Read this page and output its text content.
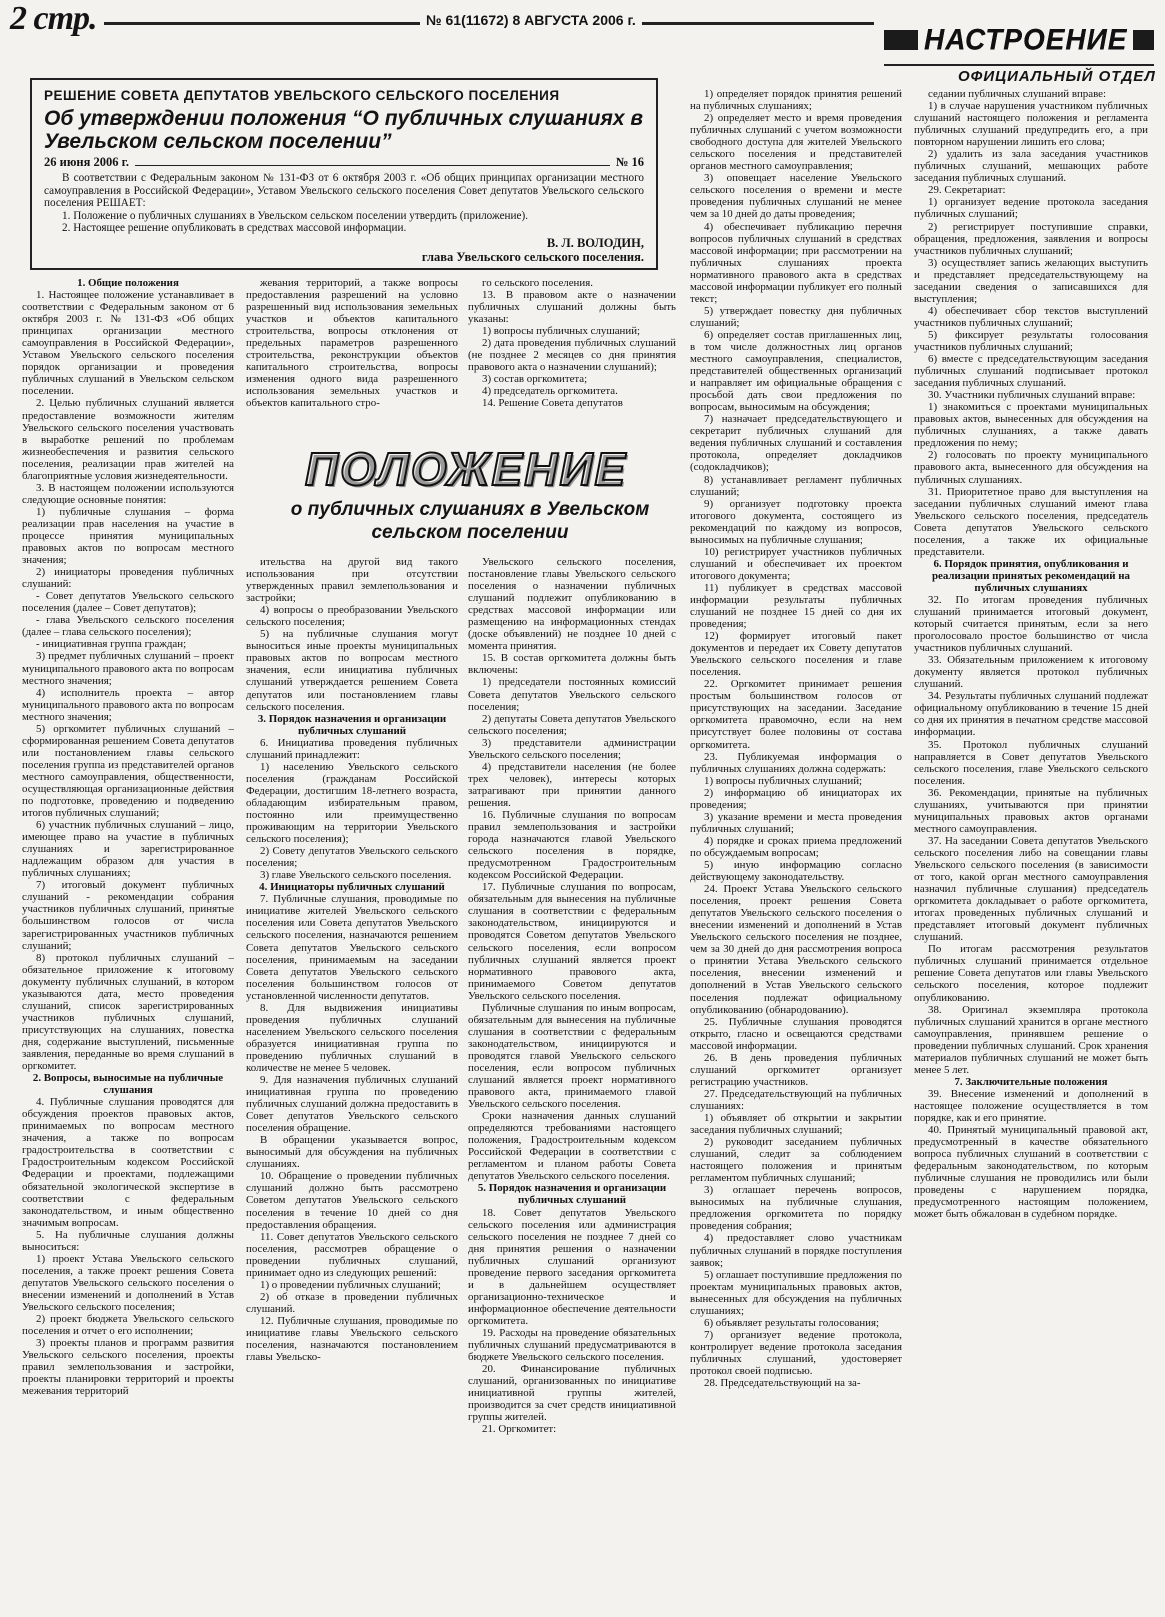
2 стр.	№ 61(11672) 8 АВГУСТА 2006 г.
НАСТРОЕНИЕ
ОФИЦИАЛЬНЫЙ ОТДЕЛ
РЕШЕНИЕ СОВЕТА ДЕПУТАТОВ УВЕЛЬСКОГО СЕЛЬСКОГО ПОСЕЛЕНИЯ
Об утверждении положения “О публичных слушаниях в Увельском сельском поселении”
26 июня 2006 г.	№ 16

В соответствии с Федеральным законом № 131-ФЗ от 6 октября 2003 г. «Об общих принципах организации местного самоуправления в Российской Федерации», Уставом Увельского сельского поселения Совет депутатов Увельского сельского поселения РЕШАЕТ:

1. Положение о публичных слушаниях в Увельском сельском поселении утвердить (приложение).

2. Настоящее решение опубликовать в средствах массовой информации.

В. Л. ВОЛОДИН,
глава Увельского сельского поселения.

1. Общие положения

1. Настоящее положение устанавливает в соответствии с Федеральным законом от 6 октября 2003 г. № 131-ФЗ «Об общих принципах организации местного самоуправления в Российской Федерации», Уставом Увельского сельского поселения порядок организации и проведения публичных слушаний в Увельском сельском поселении.

2. Целью публичных слушаний является предоставление возможности жителям Увельского сельского поселения участвовать в выработке решений по проблемам жизнеобеспечения и развития сельского поселения, реализации прав жителей на благоприятные условия жизнедеятельности.

3. В настоящем положении используются следующие основные понятия:

1) публичные слушания – форма реализации прав населения на участие в процессе принятия муниципальных правовых актов по вопросам местного значения;

2) инициаторы проведения публичных слушаний:

- Совет депутатов Увельского сельского поселения (далее – Совет депутатов);

- глава Увельского сельского поселения (далее – глава сельского поселения);

- инициативная группа граждан;

3) предмет публичных слушаний – проект муниципального правового акта по вопросам местного значения;

4) исполнитель проекта – автор муниципального правового акта по вопросам местного значения;

5) оргкомитет публичных слушаний – сформированная решением Совета депутатов или постановлением главы сельского поселения группа из представителей органов местного самоуправления, общественности, осуществляющая организационные действия по подготовке, проведению и подведению итогов публичных слушаний;

6) участник публичных слушаний – лицо, имеющее право на участие в публичных слушаниях и зарегистрированное надлежащим образом для участия в публичных слушаниях;

7) итоговый документ публичных слушаний - рекомендации собрания участников публичных слушаний, принятые большинством голосов от числа зарегистрированных участников публичных слушаний;

8) протокол публичных слушаний – обязательное приложение к итоговому документу публичных слушаний, в котором указываются дата, место проведения слушаний, список зарегистрированных участников публичных слушаний, присутствующих на слушаниях, повестка дня, содержание выступлений, письменные заявления, переданные во время слушаний в оргкомитет.

2. Вопросы, выносимые на публичные слушания

4. Публичные слушания проводятся для обсуждения проектов правовых актов, принимаемых по вопросам местного значения, а также по вопросам градостроительства в соответствии с Градостроительным кодексом Российской Федерации и проектами, подлежащими обязательной экологической экспертизе в соответствии с федеральным законодательством, и иным общественно значимым вопросам.

5. На публичные слушания должны выноситься:

1) проект Устава Увельского сельского поселения, а также проект решения Совета депутатов Увельского сельского поселения о внесении изменений и дополнений в Устав Увельского сельского поселения;

2) проект бюджета Увельского сельского поселения и отчет о его исполнении;

3) проекты планов и программ развития Увельского сельского поселения, проекты правил землепользования и застройки, проекты планировки территорий и проекты межевания территорий

жевания территорий, а также вопросы предоставления разрешений на условно разрешенный вид использования земельных участков и объектов капитального строительства, вопросы отклонения от предельных параметров разрешенного строительства, реконструкции объектов капитального строительства, вопросы изменения одного вида разрешенного использования земельных участков и объектов капитального стро-

го сельского поселения.

13. В правовом акте о назначении публичных слушаний должны быть указаны:

1) вопросы публичных слушаний;

2) дата проведения публичных слушаний (не позднее 2 месяцев со дня принятия правового акта о назначении слушаний);

3) состав оргкомитета;

4) председатель оргкомитета.

14. Решение Совета депутатов

ПОЛОЖЕНИЕ
о публичных слушаниях в Увельском сельском поселении

ительства на другой вид такого использования при отсутствии утвержденных правил землепользования и застройки;

4) вопросы о преобразовании Увельского сельского поселения;

5) на публичные слушания могут выноситься иные проекты муниципальных правовых актов по вопросам местного значения, если инициатива публичных слушаний утверждается решением Совета депутатов или постановлением главы сельского поселения.

3. Порядок назначения и организации публичных слушаний

6. Инициатива проведения публичных слушаний принадлежит:

1) населению Увельского сельского поселения (гражданам Российской Федерации, достигшим 18-летнего возраста, обладающим избирательным правом, постоянно или преимущественно проживающим на территории Увельского сельского поселения);

2) Совету депутатов Увельского сельского поселения;

3) главе Увельского сельского поселения.

4. Инициаторы публичных слушаний

7. Публичные слушания, проводимые по инициативе жителей Увельского сельского поселения или Совета депутатов Увельского сельского поселения, назначаются решением Совета депутатов Увельского сельского поселения, принимаемым на заседании Совета депутатов Увельского сельского поселения большинством голосов от установленной численности депутатов.

8. Для выдвижения инициативы проведения публичных слушаний населением Увельского сельского поселения образуется инициативная группа по проведению публичных слушаний в количестве не менее 5 человек.

9. Для назначения публичных слушаний инициативная группа по проведению публичных слушаний должна предоставить в Совет депутатов Увельского сельского поселения обращение.

В обращении указывается вопрос, выносимый для обсуждения на публичных слушаниях.

10. Обращение о проведении публичных слушаний должно быть рассмотрено Советом депутатов Увельского сельского поселения в течение 10 дней со дня предоставления обращения.

11. Совет депутатов Увельского сельского поселения, рассмотрев обращение о проведении публичных слушаний, принимает одно из следующих решений:

1) о проведении публичных слушаний;

2) об отказе в проведении публичных слушаний.

12. Публичные слушания, проводимые по инициативе главы Увельского сельского поселения, назначаются постановлением главы Увельско-

Увельского сельского поселения, постановление главы Увельского сельского поселения о назначении публичных слушаний подлежит опубликованию в средствах массовой информации или размещению на информационных стендах (доске объявлений) не позднее 10 дней с момента принятия.

15. В состав оргкомитета должны быть включены:

1) председатели постоянных комиссий Совета депутатов Увельского сельского поселения;

2) депутаты Совета депутатов Увельского сельского поселения;

3) представители администрации Увельского сельского поселения;

4) представители населения (не более трех человек), интересы которых затрагивают при принятии данного решения.

16. Публичные слушания по вопросам правил землепользования и застройки города назначаются главой Увельского сельского поселения в порядке, предусмотренном Градостроительным кодексом Российской Федерации.

17. Публичные слушания по вопросам, обязательным для вынесения на публичные слушания в соответствии с федеральным законодательством, инициируются и проводятся Советом депутатов Увельского сельского поселения, если вопросом публичных слушаний является проект нормативного правового акта, принимаемого Советом депутатов Увельского сельского поселения.

Публичные слушания по иным вопросам, обязательным для вынесения на публичные слушания в соответствии с федеральным законодательством, инициируются и проводятся главой Увельского сельского поселения, если вопросом публичных слушаний является проект нормативного правового акта, принимаемого главой Увельского сельского поселения.

Сроки назначения данных слушаний определяются требованиями настоящего положения, Градостроительным кодексом Российской Федерации в соответствии с регламентом и планом работы Совета депутатов Увельского сельского поселения.

5. Порядок назначения и организации публичных слушаний

18. Совет депутатов Увельского сельского поселения или администрация сельского поселения не позднее 7 дней со дня принятия решения о назначении публичных слушаний организуют проведение первого заседания оргкомитета и в дальнейшем осуществляет организационно-техническое и информационное обеспечение деятельности оргкомитета.

19. Расходы на проведение обязательных публичных слушаний предусматриваются в бюджете Увельского сельского поселения.

20. Финансирование публичных слушаний, организованных по инициативе инициативной группы жителей, производится за счет средств инициативной группы жителей.

21. Оргкомитет:

1) определяет порядок принятия решений на публичных слушаниях;

2) определяет место и время проведения публичных слушаний с учетом возможности свободного доступа для жителей Увельского сельского поселения и представителей органов местного самоуправления;

3) оповещает население Увельского сельского поселения о времени и месте проведения публичных слушаний не менее чем за 10 дней до даты проведения;

4) обеспечивает публикацию перечня вопросов публичных слушаний в средствах массовой информации; при рассмотрении на публичных слушаниях проекта нормативного правового акта в средствах массовой информации публикует его полный текст;

5) утверждает повестку дня публичных слушаний;

6) определяет состав приглашенных лиц, в том числе должностных лиц органов местного самоуправления, специалистов, представителей общественных организаций и направляет им официальные обращения с просьбой дать свои предложения по вопросам, выносимым на обсуждения;

7) назначает председательствующего и секретарит публичных слушаний для ведения публичных слушаний и составления протокола, определяет докладчиков (содокладчиков);

8) устанавливает регламент публичных слушаний;

9) организует подготовку проекта итогового документа, состоящего из рекомендаций по каждому из вопросов, выносимых на публичные слушания;

10) регистрирует участников публичных слушаний и обеспечивает их проектом итогового документа;

11) публикует в средствах массовой информации результаты публичных слушаний не позднее 15 дней со дня их проведения;

12) формирует итоговый пакет документов и передает их Совету депутатов Увельского сельского поселения и главе поселения.

22. Оргкомитет принимает решения простым большинством голосов от присутствующих на заседании. Заседание оргкомитета правомочно, если на нем присутствует более половины от состава оргкомитета.

23. Публикуемая информация о публичных слушаниях должна содержать:

1) вопросы публичных слушаний;

2) информацию об инициаторах их проведения;

3) указание времени и места проведения публичных слушаний;

4) порядке и сроках приема предложений по обсуждаемым вопросам;

5) иную информацию согласно действующему законодательству.

24. Проект Устава Увельского сельского поселения, проект решения Совета депутатов Увельского сельского поселения о внесении изменений и дополнений в Устав Увельского сельского поселения не позднее, чем за 30 дней до дня рассмотрения вопроса о принятии Устава Увельского сельского поселения, внесении изменений и дополнений в Устав Увельского сельского поселения подлежат официальному опубликованию (обнародованию).

25. Публичные слушания проводятся открыто, гласно и освещаются средствами массовой информации.

26. В день проведения публичных слушаний оргкомитет организует регистрацию участников.

27. Председательствующий на публичных слушаниях:

1) объявляет об открытии и закрытии заседания публичных слушаний;

2) руководит заседанием публичных слушаний, следит за соблюдением настоящего положения и принятым регламентом публичных слушаний;

3) оглашает перечень вопросов, выносимых на публичные слушания, предложения оргкомитета по порядку проведения собрания;

4) предоставляет слово участникам публичных слушаний в порядке поступления заявок;

5) оглашает поступившие предложения по проектам муниципальных правовых актов, вынесенных для обсуждения на публичных слушаниях;

6) объявляет результаты голосования;

7) организует ведение протокола, контролирует ведение протокола заседания публичных слушаний, удостоверяет протокол своей подписью.

28. Председательствующий на за-

седании публичных слушаний вправе:

1) в случае нарушения участником публичных слушаний настоящего положения и регламента публичных слушаний предупредить его, а при повторном нарушении лишить его слова;

2) удалить из зала заседания участников публичных слушаний, мешающих работе заседания публичных слушаний.

29. Секретариат:

1) организует ведение протокола заседания публичных слушаний;

2) регистрирует поступившие справки, обращения, предложения, заявления и вопросы участников публичных слушаний;

3) осуществляет запись желающих выступить и представляет председательствующему на заседании сведения о записавшихся для выступления;

4) обеспечивает сбор текстов выступлений участников публичных слушаний;

5) фиксирует результаты голосования участников публичных слушаний;

6) вместе с председательствующим заседания публичных слушаний подписывает протокол заседания публичных слушаний.

30. Участники публичных слушаний вправе:

1) знакомиться с проектами муниципальных правовых актов, вынесенных для обсуждения на публичных слушаниях, а также давать предложения по нему;

2) голосовать по проекту муниципального правового акта, вынесенного для обсуждения на публичных слушаниях.

31. Приоритетное право для выступления на заседании публичных слушаний имеют глава Увельского сельского поселения, председатель Совета депутатов Увельского сельского поселения, а также их официальные представители.

6. Порядок принятия, опубликования и реализации принятых рекомендаций на публичных слушаниях

32. По итогам проведения публичных слушаний принимается итоговый документ, который считается принятым, если за него проголосовало простое большинство от числа участников публичных слушаний.

33. Обязательным приложением к итоговому документу является протокол публичных слушаний.

34. Результаты публичных слушаний подлежат официальному опубликованию в течение 15 дней со дня их принятия в печатном средстве массовой информации.

35. Протокол публичных слушаний направляется в Совет депутатов Увельского сельского поселения, главе Увельского сельского поселения.

36. Рекомендации, принятые на публичных слушаниях, учитываются при принятии муниципальных правовых актов органами местного самоуправления.

37. На заседании Совета депутатов Увельского сельского поселения либо на совещании главы Увельского сельского поселения (в зависимости от того, какой орган местного самоуправления назначил публичные слушания) председатель оргкомитета докладывает о работе оргкомитета, итогах проведенных публичных слушаний и представляет итоговый документ публичных слушаний.

По итогам рассмотрения результатов публичных слушаний принимается отдельное решение Совета депутатов или главы Увельского сельского поселения, которое подлежит опубликованию.

38. Оригинал экземпляра протокола публичных слушаний хранится в органе местного самоуправления, принявшем решение о проведении публичных слушаний. Срок хранения материалов публичных слушаний не может быть менее 5 лет.

7. Заключительные положения

39. Внесение изменений и дополнений в настоящее положение осуществляется в том порядке, как и его принятие.

40. Принятый муниципальный правовой акт, предусмотренный в качестве обязательного вопроса публичных слушаний в соответствии с федеральным законодательством, по которым публичные слушания не проводились или были проведены с нарушением порядка, предусмотренного настоящим положением, может быть обжалован в судебном порядке.
